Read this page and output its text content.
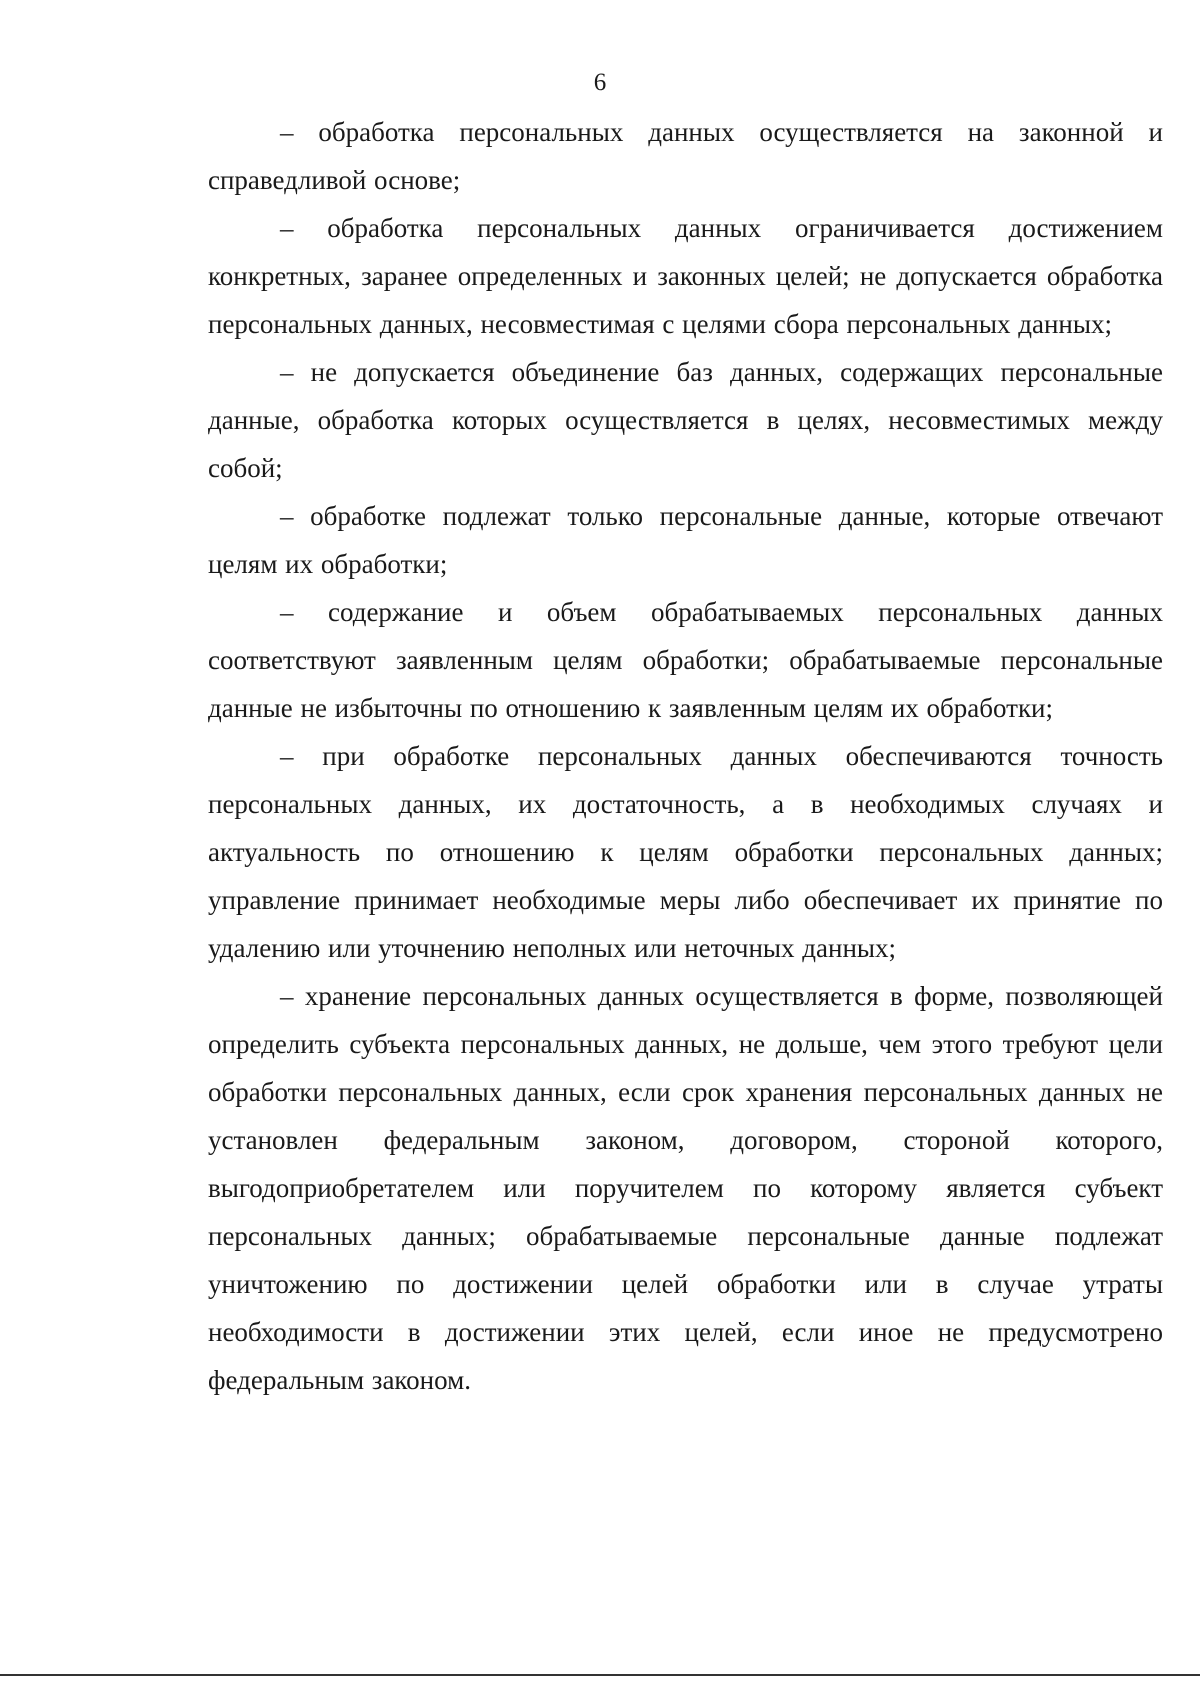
6

– обработка персональных данных осуществляется на законной и справедливой основе;

– обработка персональных данных ограничивается достижением конкретных, заранее определенных и законных целей; не допускается обработка персональных данных, несовместимая с целями сбора персональных данных;

– не допускается объединение баз данных, содержащих персональные данные, обработка которых осуществляется в целях, несовместимых между собой;

– обработке подлежат только персональные данные, которые отвечают целям их обработки;

– содержание и объем обрабатываемых персональных данных соответствуют заявленным целям обработки; обрабатываемые персональные данные не избыточны по отношению к заявленным целям их обработки;

– при обработке персональных данных обеспечиваются точность персональных данных, их достаточность, а в необходимых случаях и актуальность по отношению к целям обработки персональных данных; управление принимает необходимые меры либо обеспечивает их принятие по удалению или уточнению неполных или неточных данных;

– хранение персональных данных осуществляется в форме, позволяющей определить субъекта персональных данных, не дольше, чем этого требуют цели обработки персональных данных, если срок хранения персональных данных не установлен федеральным законом, договором, стороной которого, выгодоприобретателем или поручителем по которому является субъект персональных данных; обрабатываемые персональные данные подлежат уничтожению по достижении целей обработки или в случае утраты необходимости в достижении этих целей, если иное не предусмотрено федеральным законом.
